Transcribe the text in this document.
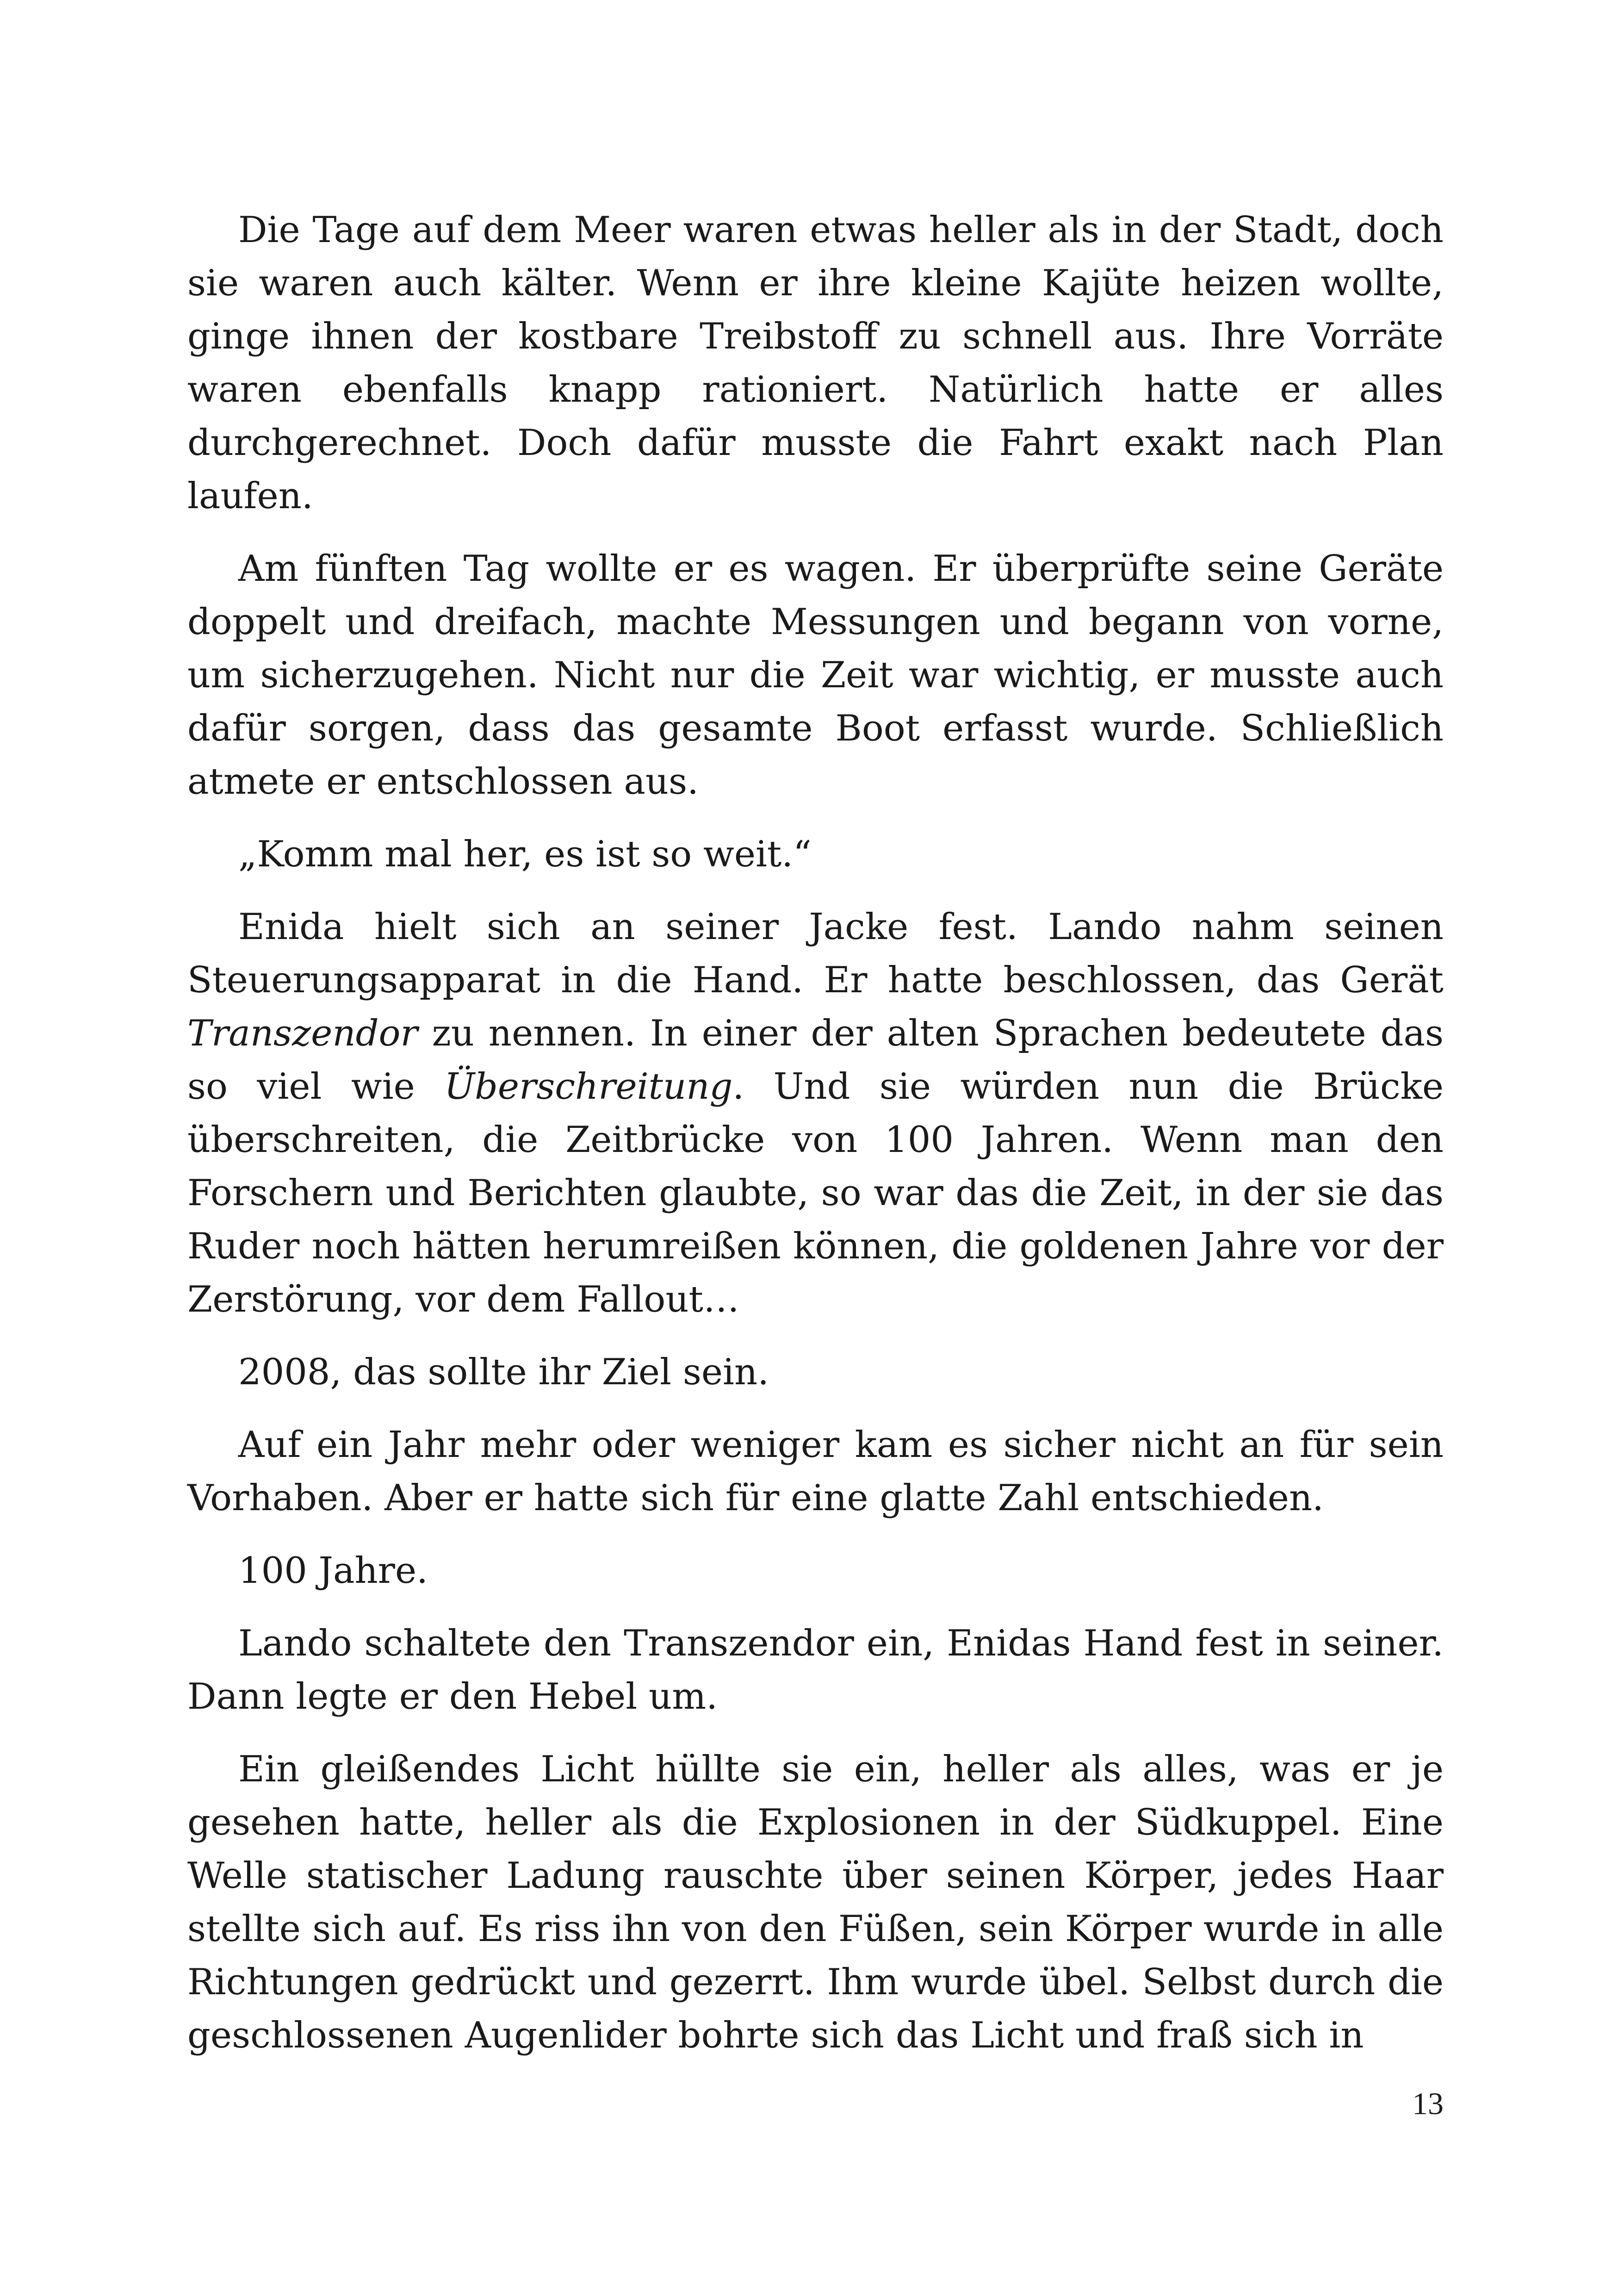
Die Tage auf dem Meer waren etwas heller als in der Stadt, doch sie waren auch kälter. Wenn er ihre kleine Kajüte heizen wollte, ginge ihnen der kostbare Treibstoff zu schnell aus. Ihre Vorräte waren ebenfalls knapp rationiert. Natürlich hatte er alles durchgerechnet. Doch dafür musste die Fahrt exakt nach Plan laufen.

Am fünften Tag wollte er es wagen. Er überprüfte seine Geräte doppelt und dreifach, machte Messungen und begann von vorne, um sicherzugehen. Nicht nur die Zeit war wichtig, er musste auch dafür sorgen, dass das gesamte Boot erfasst wurde. Schließlich atmete er entschlossen aus.

„Komm mal her, es ist so weit.“

Enida hielt sich an seiner Jacke fest. Lando nahm seinen Steuerungsapparat in die Hand. Er hatte beschlossen, das Gerät Transzendor zu nennen. In einer der alten Sprachen bedeutete das so viel wie Überschreitung. Und sie würden nun die Brücke überschreiten, die Zeitbrücke von 100 Jahren. Wenn man den Forschern und Berichten glaubte, so war das die Zeit, in der sie das Ruder noch hätten herumreißen können, die goldenen Jahre vor der Zerstörung, vor dem Fallout…

2008, das sollte ihr Ziel sein.

Auf ein Jahr mehr oder weniger kam es sicher nicht an für sein Vorhaben. Aber er hatte sich für eine glatte Zahl entschieden.

100 Jahre.

Lando schaltete den Transzendor ein, Enidas Hand fest in seiner. Dann legte er den Hebel um.

Ein gleißendes Licht hüllte sie ein, heller als alles, was er je gesehen hatte, heller als die Explosionen in der Südkuppel. Eine Welle statischer Ladung rauschte über seinen Körper, jedes Haar stellte sich auf. Es riss ihn von den Füßen, sein Körper wurde in alle Richtungen gedrückt und gezerrt. Ihm wurde übel. Selbst durch die geschlossenen Augenlider bohrte sich das Licht und fraß sich in

13
